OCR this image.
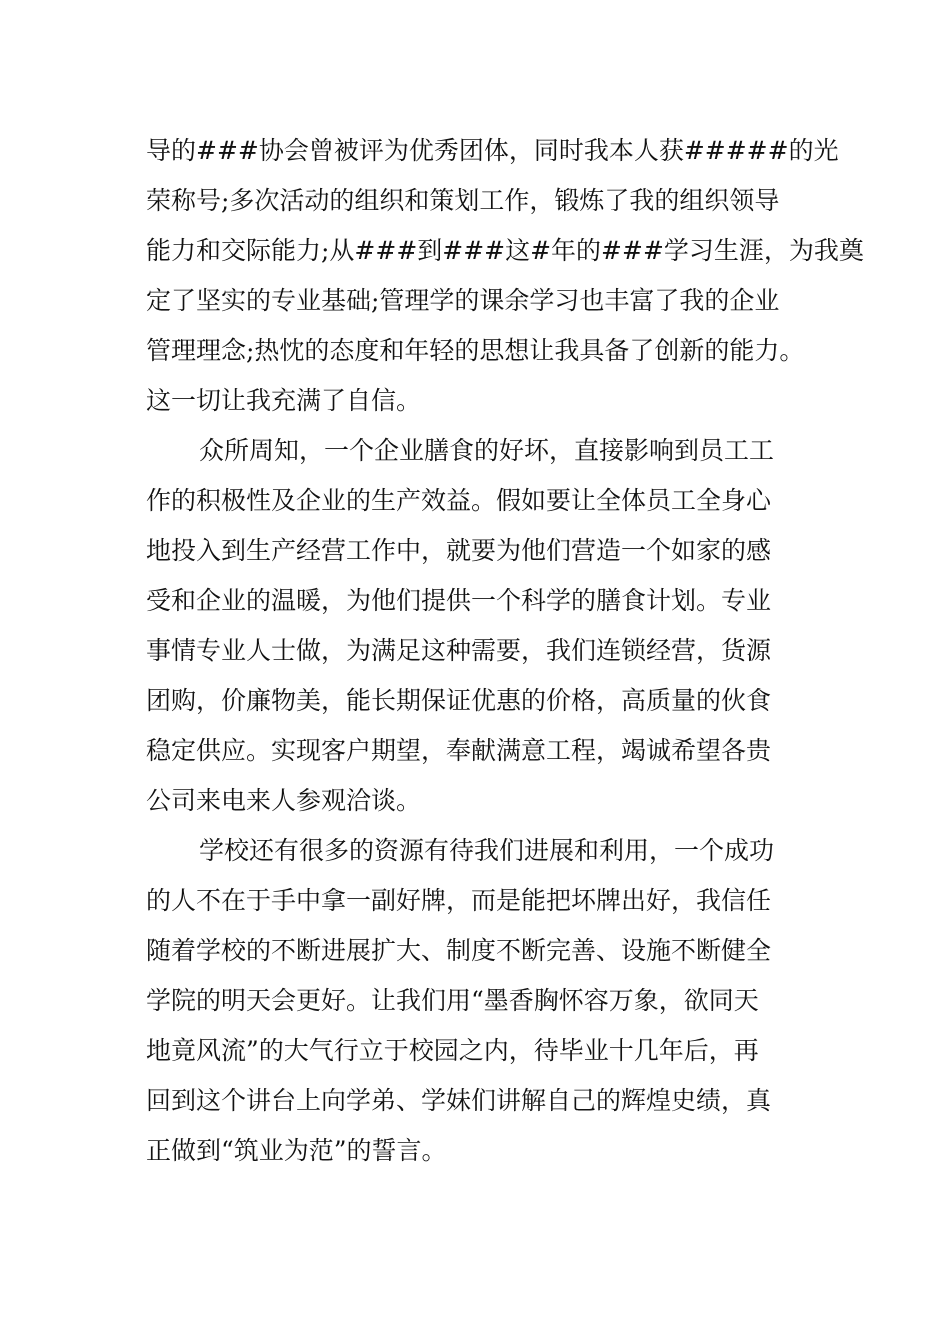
导的###协会曾被评为优秀团体，同时我本人获#####的光
荣称号;多次活动的组织和策划工作，锻炼了我的组织领导
能力和交际能力;从###到###这#年的###学习生涯，为我奠
定了坚实的专业基础;管理学的课余学习也丰富了我的企业
管理理念;热忱的态度和年轻的思想让我具备了创新的能力。
这一切让我充满了自信。
众所周知，一个企业膳食的好坏，直接影响到员工工
作的积极性及企业的生产效益。假如要让全体员工全身心
地投入到生产经营工作中，就要为他们营造一个如家的感
受和企业的温暖，为他们提供一个科学的膳食计划。专业
事情专业人士做，为满足这种需要，我们连锁经营，货源
团购，价廉物美，能长期保证优惠的价格，高质量的伙食
稳定供应。实现客户期望，奉献满意工程，竭诚希望各贵
公司来电来人参观洽谈。
学校还有很多的资源有待我们进展和利用，一个成功
的人不在于手中拿一副好牌，而是能把坏牌出好，我信任
随着学校的不断进展扩大、制度不断完善、设施不断健全
学院的明天会更好。让我们用“墨香胸怀容万象，欲同天
地竟风流”的大气行立于校园之内，待毕业十几年后，再
回到这个讲台上向学弟、学妹们讲解自己的辉煌史绩，真
正做到“筑业为范”的誓言。
